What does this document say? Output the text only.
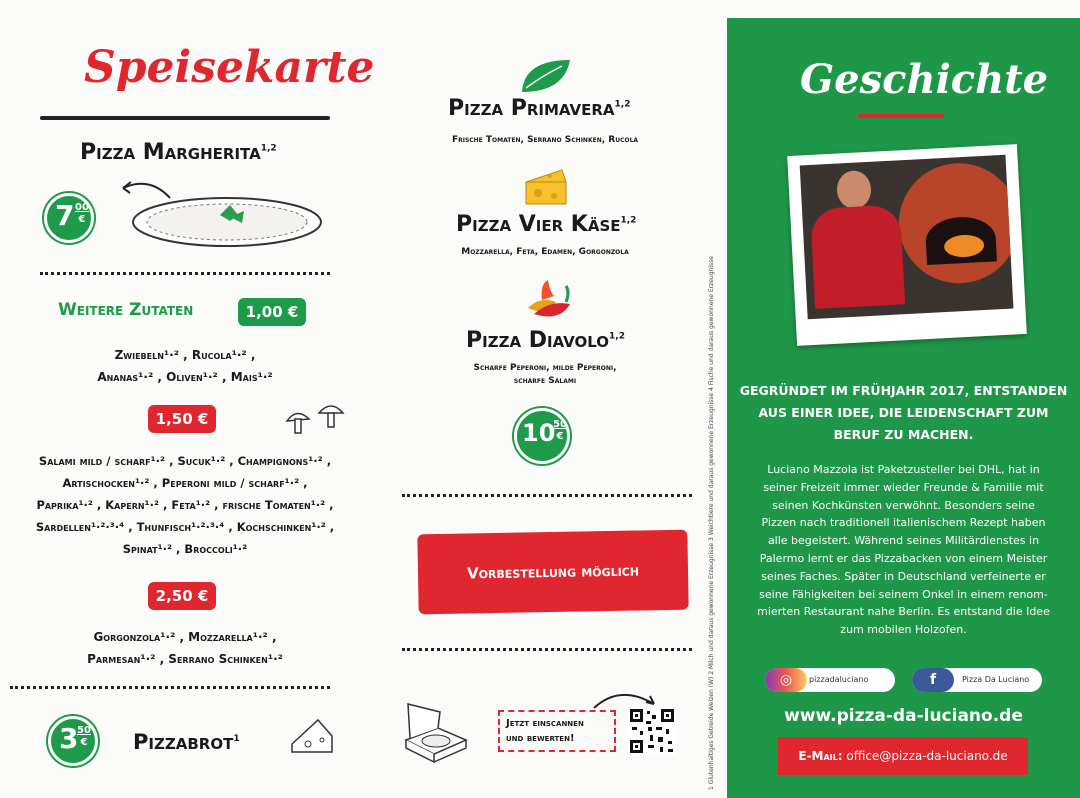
Speisekarte
Pizza Margherita$^{1,2}$
7 00
€
Weitere Zutaten	1,00 €
Zwiebeln¹·² , Rucola¹·² ,
Ananas¹·² , Oliven¹·² , Mais¹·²
1,50 €
Salami mild / scharf¹·² , Sucuk¹·² , Champignons¹·² ,
Artischocken¹·² , Peperoni mild / scharf¹·² ,
Paprika¹·² , Kapern¹·² , Feta¹·² , frische Tomaten¹·² ,
Sardellen¹·²·³·⁴ , Thunfisch¹·²·³·⁴ , Kochschinken¹·² ,
Spinat¹·² , Broccoli¹·²
2,50 €
Gorgonzola¹·² , Mozzarella¹·² ,
Parmesan¹·² , Serrano Schinken¹·²
3
50
€ Pizzabrot$^1$
Pizza Primavera$^{1,2}$
Frische Tomaten, Serrano Schinken, Rucola
Pizza Vier Käse$^{1,2}$
Mozzarella, Feta, Edamen, Gorgonzola
Pizza Diavolo$^{1,2}$
Scharfe Peperoni, milde Peperoni,
scharfe Salami
10
50
€
Vorbestellung möglich
Jetzt einscannen
und bewerten!	1 Glutenhaltiges Getreide Weizen (W) 2 Milch und daraus gewonnene Erzeugnisse 3 Weichtiere und daraus gewonnene Erzeugnisse 4 Fische und daraus gewonnene Erzeugnisse
Geschichte
GEGRÜNDET IM FRÜHJAHR 2017, ENTSTANDEN
AUS EINER IDEE, DIE LEIDENSCHAFT ZUM
BERUF ZU MACHEN.
Luciano Mazzola ist Paketzusteller bei DHL, hat in
seiner Freizeit immer wieder Freunde & Familie mit
seinen Kochkünsten verwöhnt. Besonders seine
Pizzen nach traditionell italienischem Rezept haben
alle begeistert. Während seines Militärdienstes in
Palermo lernt er das Pizzabacken von einem Meister
seines Faches. Später in Deutschland verfeinerte er
seine Fähigkeiten bei seinem Onkel in einem renom-
mierten Restaurant nahe Berlin. Es entstand die Idee
zum mobilen Holzofen.
pizzadaluciano
◎	Pizza Da Luciano
f
www.pizza-da-luciano.de
E-Mail: office@pizza-da-luciano.de
